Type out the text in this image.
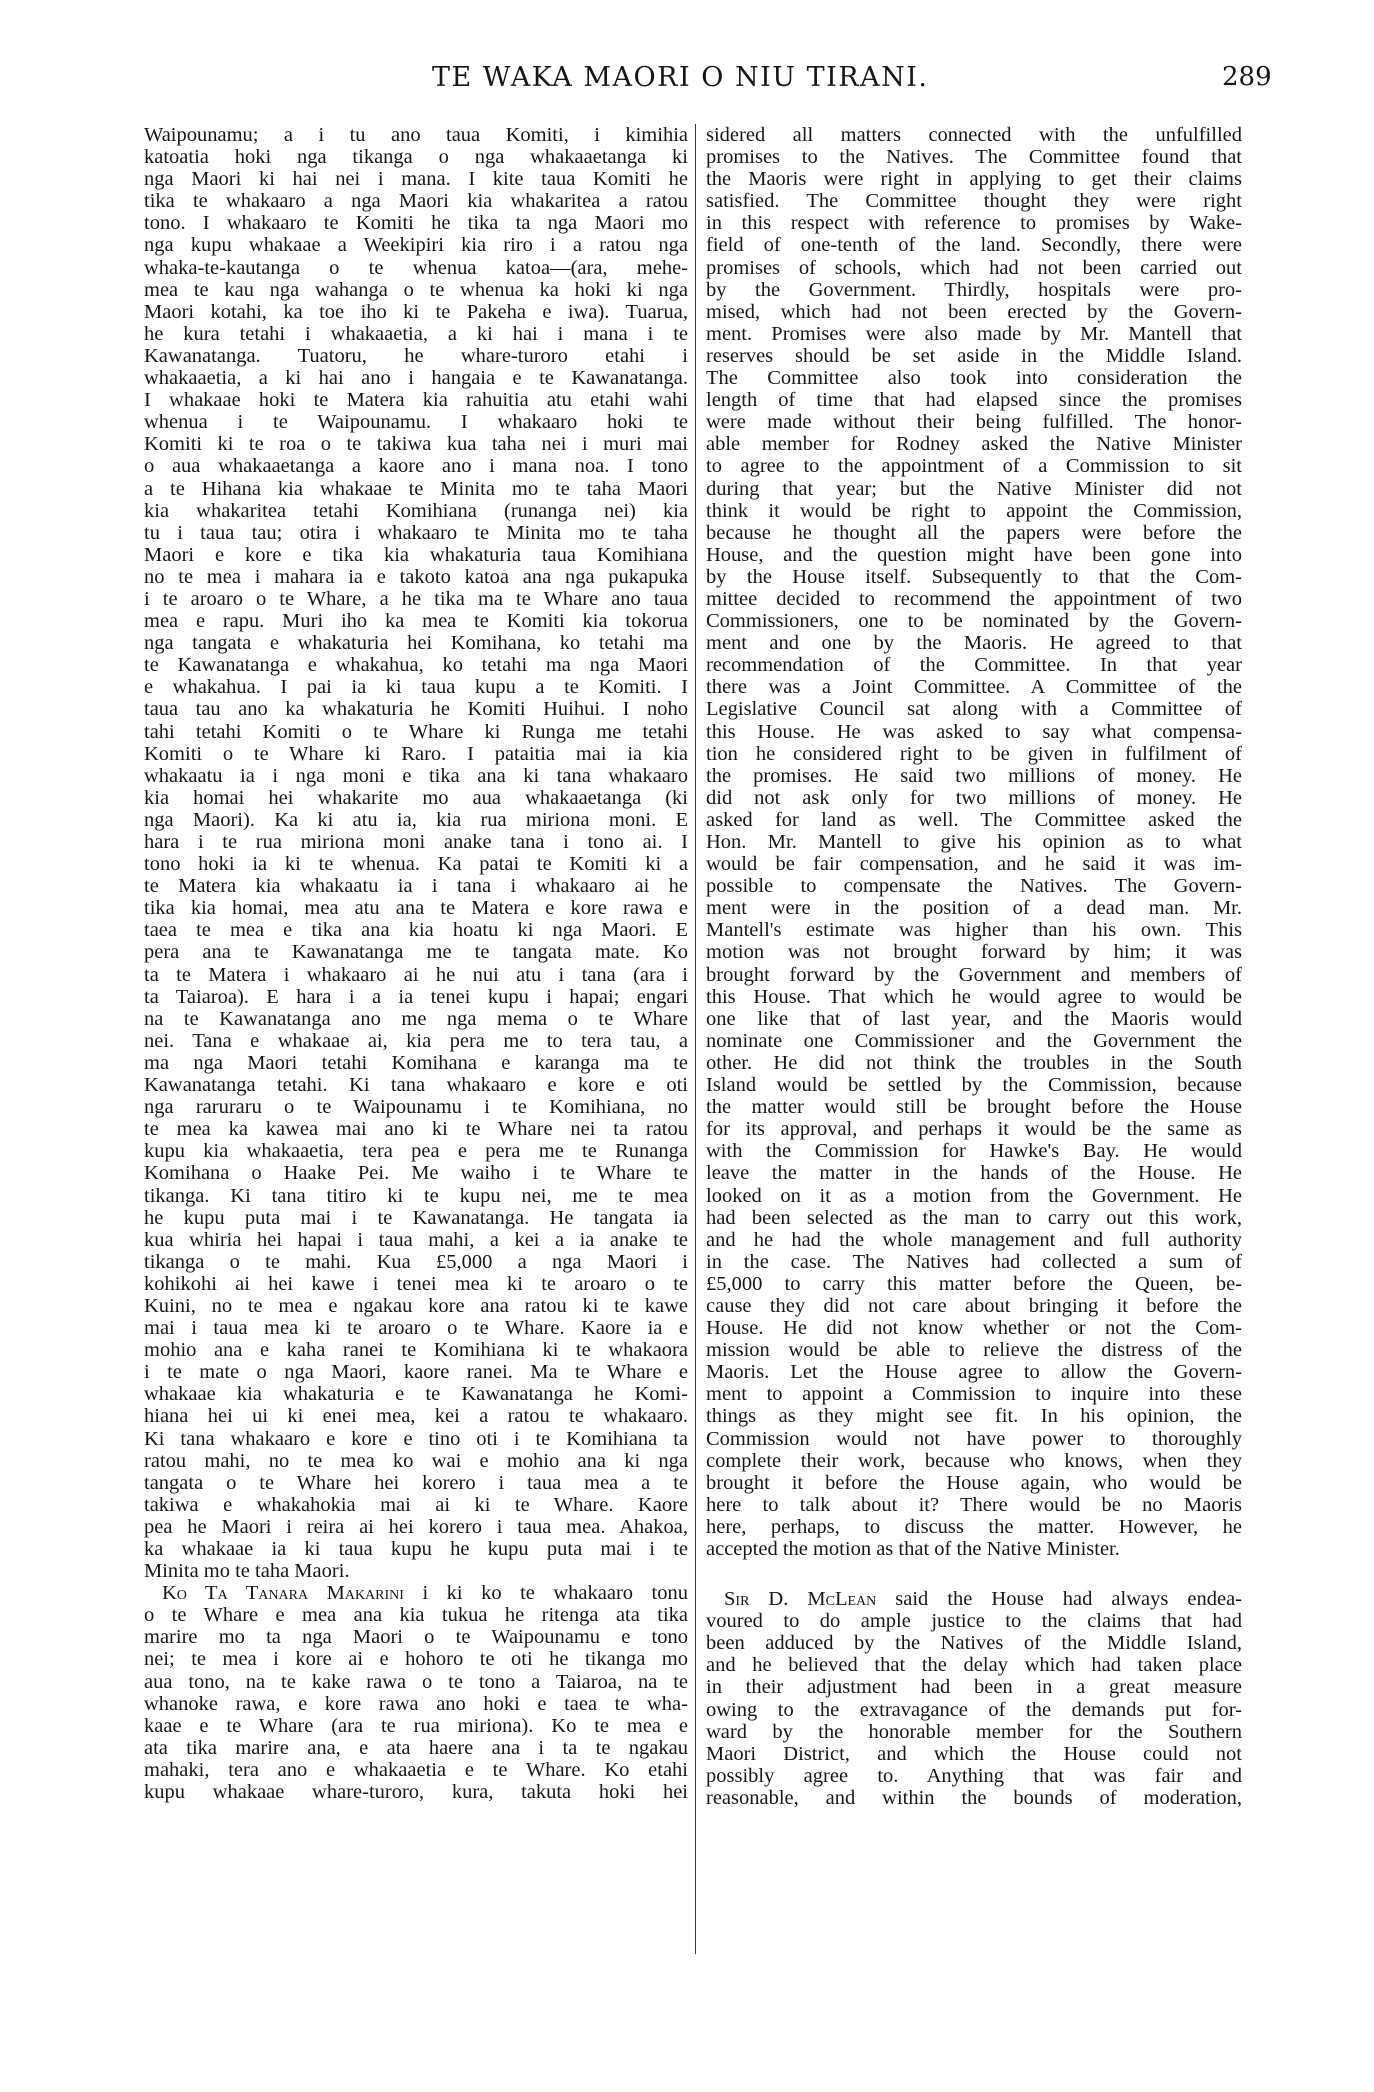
TE WAKA MAORI O NIU TIRANI.	289
Waipounamu; a i tu ano taua Komiti, i kimihia
katoatia hoki nga tikanga o nga whakaaetanga ki
nga Maori ki hai nei i mana. I kite taua Komiti he
tika te whakaaro a nga Maori kia whakaritea a ratou
tono. I whakaaro te Komiti he tika ta nga Maori mo
nga kupu whakaae a Weekipiri kia riro i a ratou nga
whaka-te-kautanga o te whenua katoa—(ara, mehe-
mea te kau nga wahanga o te whenua ka hoki ki nga
Maori kotahi, ka toe iho ki te Pakeha e iwa). Tuarua,
he kura tetahi i whakaaetia, a ki hai i mana i te
Kawanatanga. Tuatoru, he whare-turoro etahi i
whakaaetia, a ki hai ano i hangaia e te Kawanatanga.
I whakaae hoki te Matera kia rahuitia atu etahi wahi
whenua i te Waipounamu. I whakaaro hoki te
Komiti ki te roa o te takiwa kua taha nei i muri mai
o aua whakaaetanga a kaore ano i mana noa. I tono
a te Hihana kia whakaae te Minita mo te taha Maori
kia whakaritea tetahi Komihiana (runanga nei) kia
tu i taua tau; otira i whakaaro te Minita mo te taha
Maori e kore e tika kia whakaturia taua Komihiana
no te mea i mahara ia e takoto katoa ana nga pukapuka
i te aroaro o te Whare, a he tika ma te Whare ano taua
mea e rapu. Muri iho ka mea te Komiti kia tokorua
nga tangata e whakaturia hei Komihana, ko tetahi ma
te Kawanatanga e whakahua, ko tetahi ma nga Maori
e whakahua. I pai ia ki taua kupu a te Komiti. I
taua tau ano ka whakaturia he Komiti Huihui. I noho
tahi tetahi Komiti o te Whare ki Runga me tetahi
Komiti o te Whare ki Raro. I pataitia mai ia kia
whakaatu ia i nga moni e tika ana ki tana whakaaro
kia homai hei whakarite mo aua whakaaetanga (ki
nga Maori). Ka ki atu ia, kia rua miriona moni. E
hara i te rua miriona moni anake tana i tono ai. I
tono hoki ia ki te whenua. Ka patai te Komiti ki a
te Matera kia whakaatu ia i tana i whakaaro ai he
tika kia homai, mea atu ana te Matera e kore rawa e
taea te mea e tika ana kia hoatu ki nga Maori. E
pera ana te Kawanatanga me te tangata mate. Ko
ta te Matera i whakaaro ai he nui atu i tana (ara i
ta Taiaroa). E hara i a ia tenei kupu i hapai; engari
na te Kawanatanga ano me nga mema o te Whare
nei. Tana e whakaae ai, kia pera me to tera tau, a
ma nga Maori tetahi Komihana e karanga ma te
Kawanatanga tetahi. Ki tana whakaaro e kore e oti
nga raruraru o te Waipounamu i te Komihiana, no
te mea ka kawea mai ano ki te Whare nei ta ratou
kupu kia whakaaetia, tera pea e pera me te Runanga
Komihana o Haake Pei. Me waiho i te Whare te
tikanga. Ki tana titiro ki te kupu nei, me te mea
he kupu puta mai i te Kawanatanga. He tangata ia
kua whiria hei hapai i taua mahi, a kei a ia anake te
tikanga o te mahi. Kua £5,000 a nga Maori i
kohikohi ai hei kawe i tenei mea ki te aroaro o te
Kuini, no te mea e ngakau kore ana ratou ki te kawe
mai i taua mea ki te aroaro o te Whare. Kaore ia e
mohio ana e kaha ranei te Komihiana ki te whakaora
i te mate o nga Maori, kaore ranei. Ma te Whare e
whakaae kia whakaturia e te Kawanatanga he Komi-
hiana hei ui ki enei mea, kei a ratou te whakaaro.
Ki tana whakaaro e kore e tino oti i te Komihiana ta
ratou mahi, no te mea ko wai e mohio ana ki nga
tangata o te Whare hei korero i taua mea a te
takiwa e whakahokia mai ai ki te Whare. Kaore
pea he Maori i reira ai hei korero i taua mea. Ahakoa,
ka whakaae ia ki taua kupu he kupu puta mai i te
Minita mo te taha Maori.
Ko Ta Tanara Makarini i ki ko te whakaaro tonu
o te Whare e mea ana kia tukua he ritenga ata tika
marire mo ta nga Maori o te Waipounamu e tono
nei; te mea i kore ai e hohoro te oti he tikanga mo
aua tono, na te kake rawa o te tono a Taiaroa, na te
whanoke rawa, e kore rawa ano hoki e taea te wha-
kaae e te Whare (ara te rua miriona). Ko te mea e
ata tika marire ana, e ata haere ana i ta te ngakau
mahaki, tera ano e whakaaetia e te Whare. Ko etahi
kupu whakaae whare-turoro, kura, takuta hoki hei
sidered all matters connected with the unfulfilled
promises to the Natives. The Committee found that
the Maoris were right in applying to get their claims
satisfied. The Committee thought they were right
in this respect with reference to promises by Wake-
field of one-tenth of the land. Secondly, there were
promises of schools, which had not been carried out
by the Government. Thirdly, hospitals were pro-
mised, which had not been erected by the Govern-
ment. Promises were also made by Mr. Mantell that
reserves should be set aside in the Middle Island.
The Committee also took into consideration the
length of time that had elapsed since the promises
were made without their being fulfilled. The honor-
able member for Rodney asked the Native Minister
to agree to the appointment of a Commission to sit
during that year; but the Native Minister did not
think it would be right to appoint the Commission,
because he thought all the papers were before the
House, and the question might have been gone into
by the House itself. Subsequently to that the Com-
mittee decided to recommend the appointment of two
Commissioners, one to be nominated by the Govern-
ment and one by the Maoris. He agreed to that
recommendation of the Committee. In that year
there was a Joint Committee. A Committee of the
Legislative Council sat along with a Committee of
this House. He was asked to say what compensa-
tion he considered right to be given in fulfilment of
the promises. He said two millions of money. He
did not ask only for two millions of money. He
asked for land as well. The Committee asked the
Hon. Mr. Mantell to give his opinion as to what
would be fair compensation, and he said it was im-
possible to compensate the Natives. The Govern-
ment were in the position of a dead man. Mr.
Mantell's estimate was higher than his own. This
motion was not brought forward by him; it was
brought forward by the Government and members of
this House. That which he would agree to would be
one like that of last year, and the Maoris would
nominate one Commissioner and the Government the
other. He did not think the troubles in the South
Island would be settled by the Commission, because
the matter would still be brought before the House
for its approval, and perhaps it would be the same as
with the Commission for Hawke's Bay. He would
leave the matter in the hands of the House. He
looked on it as a motion from the Government. He
had been selected as the man to carry out this work,
and he had the whole management and full authority
in the case. The Natives had collected a sum of
£5,000 to carry this matter before the Queen, be-
cause they did not care about bringing it before the
House. He did not know whether or not the Com-
mission would be able to relieve the distress of the
Maoris. Let the House agree to allow the Govern-
ment to appoint a Commission to inquire into these
things as they might see fit. In his opinion, the
Commission would not have power to thoroughly
complete their work, because who knows, when they
brought it before the House again, who would be
here to talk about it? There would be no Maoris
here, perhaps, to discuss the matter. However, he
accepted the motion as that of the Native Minister.
Sir D. McLean said the House had always endea-
voured to do ample justice to the claims that had
been adduced by the Natives of the Middle Island,
and he believed that the delay which had taken place
in their adjustment had been in a great measure
owing to the extravagance of the demands put for-
ward by the honorable member for the Southern
Maori District, and which the House could not
possibly agree to. Anything that was fair and
reasonable, and within the bounds of moderation,
